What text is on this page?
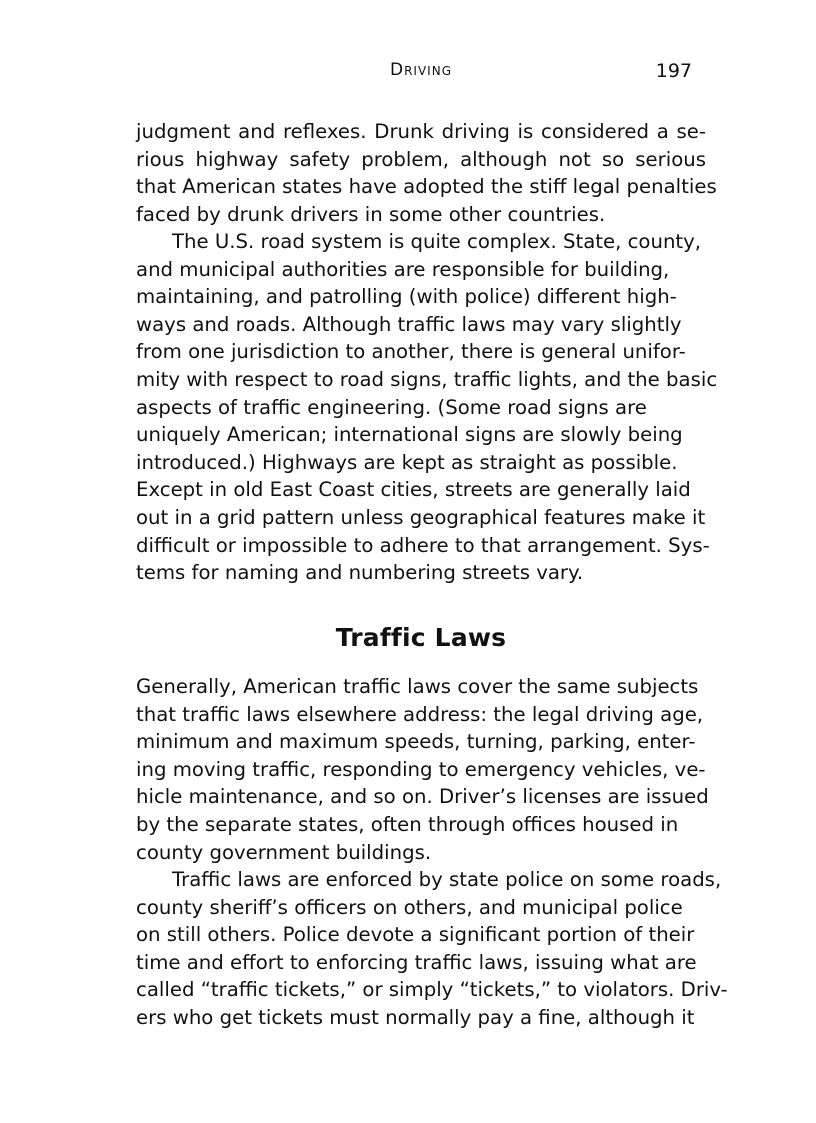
Driving	197

judgment and reflexes. Drunk driving is considered a se-
rious highway safety problem, although not so serious
that American states have adopted the stiff legal penalties
faced by drunk drivers in some other countries.

The U.S. road system is quite complex. State, county,
and municipal authorities are responsible for building,
maintaining, and patrolling (with police) different high-
ways and roads. Although traffic laws may vary slightly
from one jurisdiction to another, there is general unifor-
mity with respect to road signs, traffic lights, and the basic
aspects of traffic engineering. (Some road signs are
uniquely American; international signs are slowly being
introduced.) Highways are kept as straight as possible.
Except in old East Coast cities, streets are generally laid
out in a grid pattern unless geographical features make it
difficult or impossible to adhere to that arrangement. Sys-
tems for naming and numbering streets vary.

Traffic Laws

Generally, American traffic laws cover the same subjects
that traffic laws elsewhere address: the legal driving age,
minimum and maximum speeds, turning, parking, enter-
ing moving traffic, responding to emergency vehicles, ve-
hicle maintenance, and so on. Driver’s licenses are issued
by the separate states, often through offices housed in
county government buildings.

Traffic laws are enforced by state police on some roads,
county sheriff’s officers on others, and municipal police
on still others. Police devote a significant portion of their
time and effort to enforcing traffic laws, issuing what are
called “traffic tickets,” or simply “tickets,” to violators. Driv-
ers who get tickets must normally pay a fine, although it
